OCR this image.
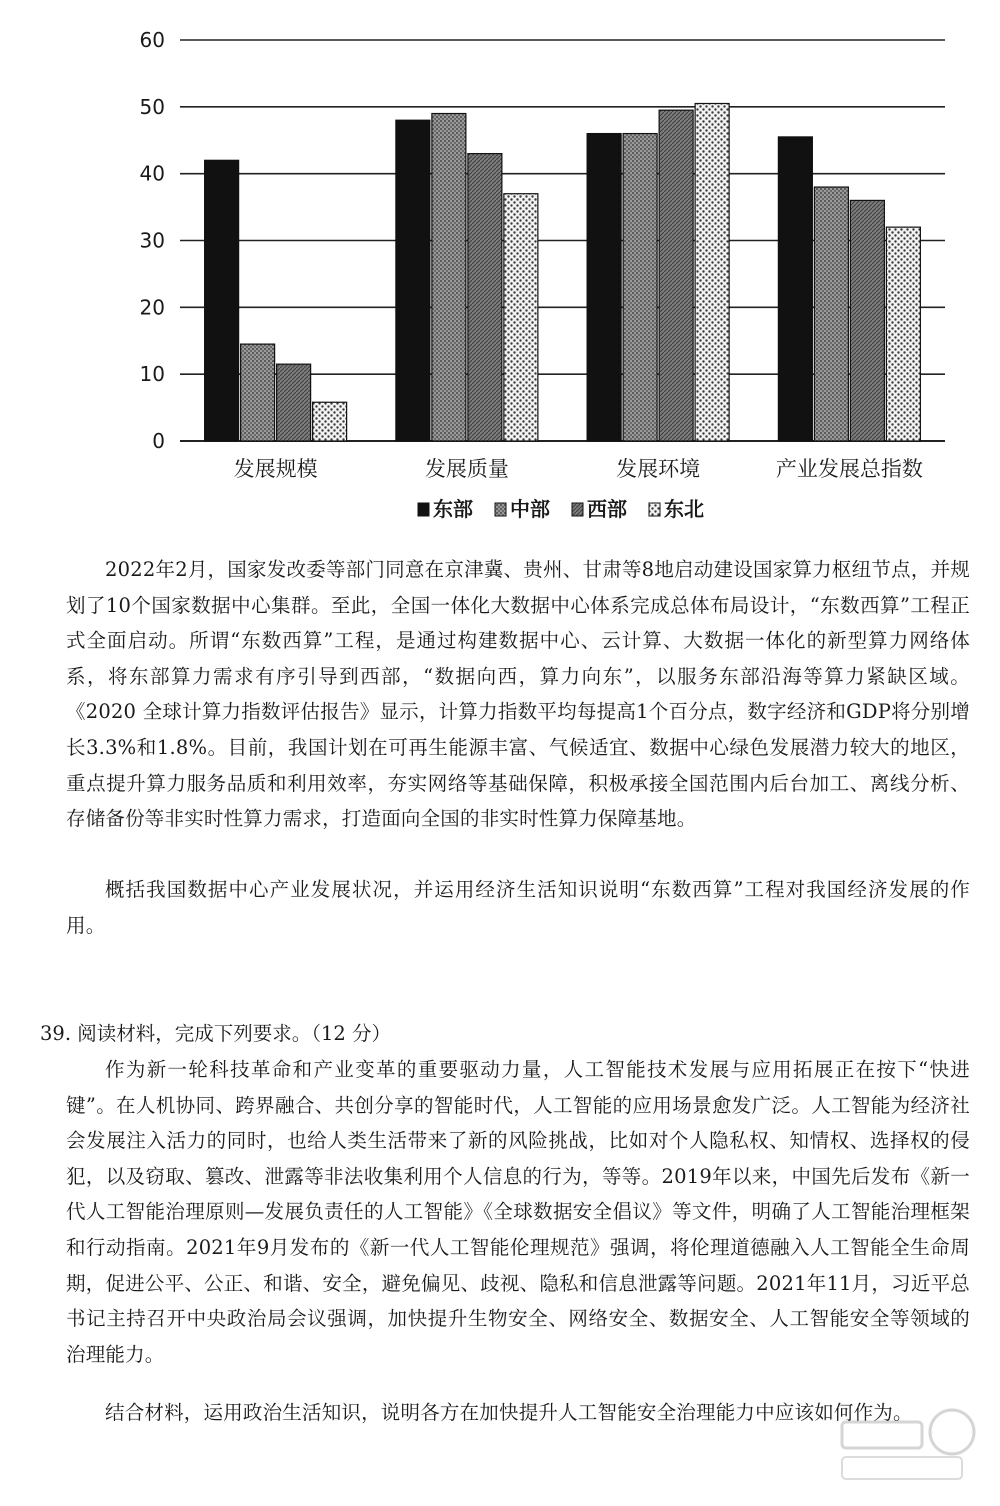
0
10
20
30
40
50
60
发展规模	发展质量	发展环境	产业发展总指数
东部 中部 西部 东北

2022年2月，国家发改委等部门同意在京津冀、贵州、甘肃等8地启动建设国家算力枢纽节点，并规划了10个国家数据中心集群。至此，全国一体化大数据中心体系完成总体布局设计，“东数西算”工程正式全面启动。所谓“东数西算”工程，是通过构建数据中心、云计算、大数据一体化的新型算力网络体系，将东部算力需求有序引导到西部，“数据向西，算力向东”，以服务东部沿海等算力紧缺区域。《2020 全球计算力指数评估报告》显示，计算力指数平均每提高1个百分点，数字经济和GDP将分别增长3.3%和1.8%。目前，我国计划在可再生能源丰富、气候适宜、数据中心绿色发展潜力较大的地区，重点提升算力服务品质和利用效率，夯实网络等基础保障，积极承接全国范围内后台加工、离线分析、存储备份等非实时性算力需求，打造面向全国的非实时性算力保障基地。

概括我国数据中心产业发展状况，并运用经济生活知识说明“东数西算”工程对我国经济发展的作用。

39. 阅读材料，完成下列要求。（12 分）

作为新一轮科技革命和产业变革的重要驱动力量，人工智能技术发展与应用拓展正在按下“快进键”。在人机协同、跨界融合、共创分享的智能时代，人工智能的应用场景愈发广泛。人工智能为经济社会发展注入活力的同时，也给人类生活带来了新的风险挑战，比如对个人隐私权、知情权、选择权的侵犯，以及窃取、篡改、泄露等非法收集利用个人信息的行为，等等。2019年以来，中国先后发布《新一代人工智能治理原则—发展负责任的人工智能》《全球数据安全倡议》等文件，明确了人工智能治理框架和行动指南。2021年9月发布的《新一代人工智能伦理规范》强调，将伦理道德融入人工智能全生命周期，促进公平、公正、和谐、安全，避免偏见、歧视、隐私和信息泄露等问题。2021年11月，习近平总书记主持召开中央政治局会议强调，加快提升生物安全、网络安全、数据安全、人工智能安全等领域的治理能力。

结合材料，运用政治生活知识，说明各方在加快提升人工智能安全治理能力中应该如何作为。
